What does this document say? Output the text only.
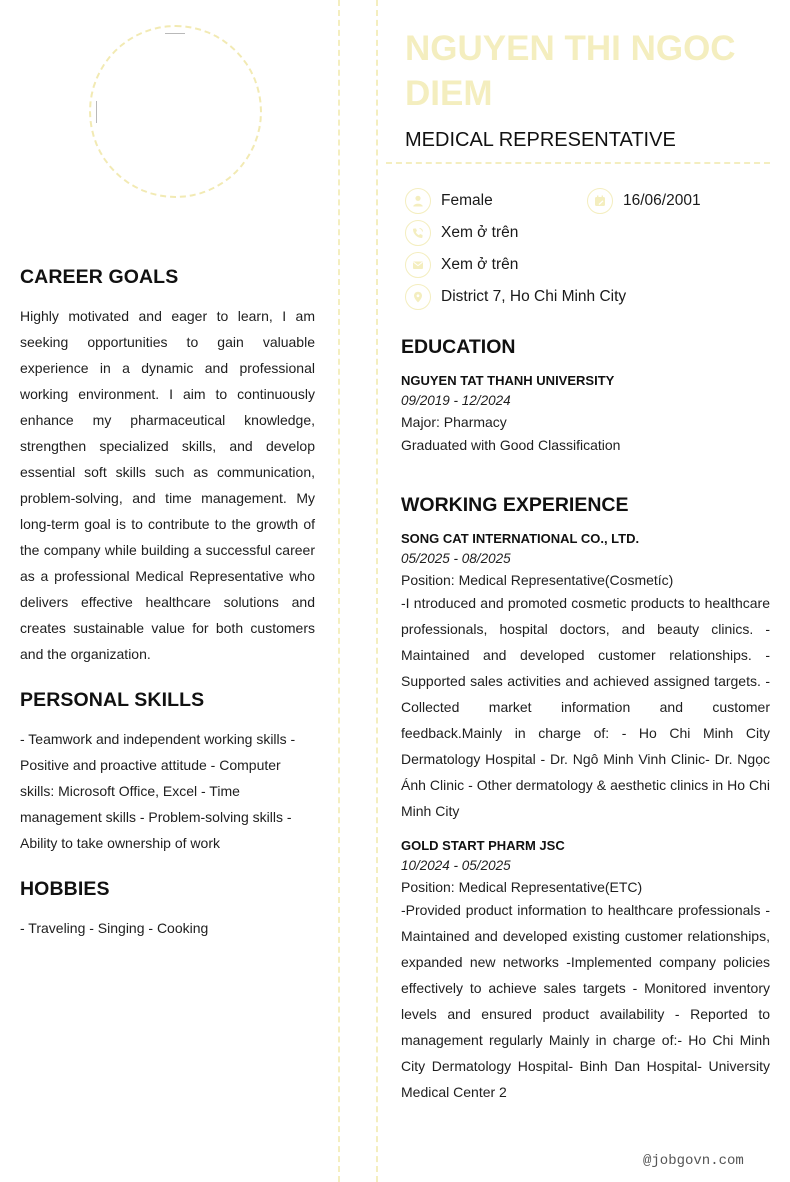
CAREER GOALS
Highly motivated and eager to learn, I am seeking opportunities to gain valuable experience in a dynamic and professional working environment. I aim to continuously enhance my pharmaceutical knowledge, strengthen specialized skills, and develop essential soft skills such as communication, problem-solving, and time management. My long-term goal is to contribute to the growth of the company while building a successful career as a professional Medical Representative who delivers effective healthcare solutions and creates sustainable value for both customers and the organization.
PERSONAL SKILLS
- Teamwork and independent working skills - Positive and proactive attitude - Computer skills: Microsoft Office, Excel - Time management skills - Problem-solving skills - Ability to take ownership of work
HOBBIES
- Traveling - Singing - Cooking
NGUYEN THI NGOC DIEM
MEDICAL REPRESENTATIVE
Female	16/06/2001
Xem ở trên
Xem ở trên
District 7, Ho Chi Minh City
EDUCATION
NGUYEN TAT THANH UNIVERSITY
09/2019 - 12/2024
Major: Pharmacy
Graduated with Good Classification
WORKING EXPERIENCE
SONG CAT INTERNATIONAL CO., LTD.
05/2025 - 08/2025
Position: Medical Representative(Cosmetíc)
-I ntroduced and promoted cosmetic products to healthcare professionals, hospital doctors, and beauty clinics. - Maintained and developed customer relationships. - Supported sales activities and achieved assigned targets. - Collected market information and customer feedback.Mainly in charge of: - Ho Chi Minh City Dermatology Hospital - Dr. Ngô Minh Vinh Clinic- Dr. Ngọc Ánh Clinic - Other dermatology & aesthetic clinics in Ho Chi Minh City
GOLD START PHARM JSC
10/2024 - 05/2025
Position: Medical Representative(ETC)
-Provided product information to healthcare professionals - Maintained and developed existing customer relationships, expanded new networks -Implemented company policies effectively to achieve sales targets - Monitored inventory levels and ensured product availability - Reported to management regularly Mainly in charge of:- Ho Chi Minh City Dermatology Hospital- Binh Dan Hospital- University Medical Center 2
@jobgovn.com
